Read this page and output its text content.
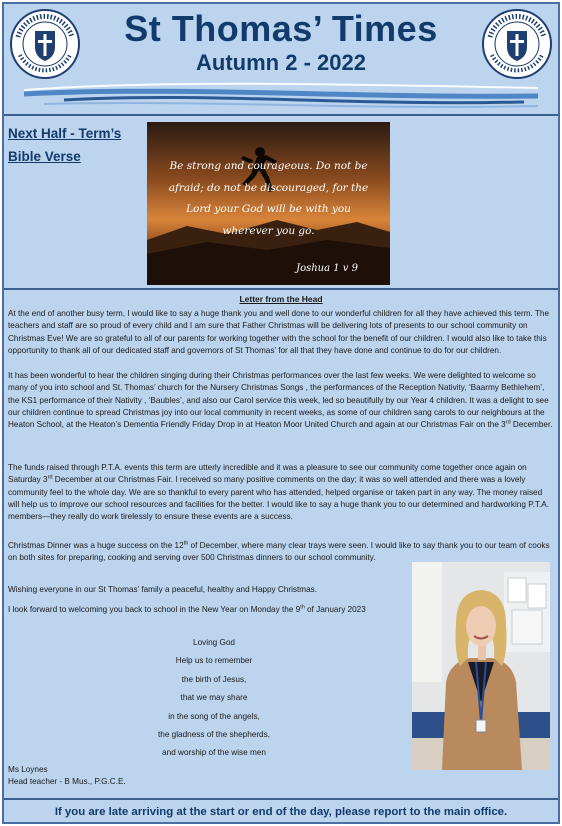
St Thomas’ Times
Autumn 2 - 2022
Next Half - Term’s
Bible Verse
Be strong and courageous. Do not be
afraid; do not be discouraged, for the
Lord your God will be with you
wherever you go.
Joshua 1 v 9
Letter from the Head

At the end of another busy term, I would like to say a huge thank you and well done to our wonderful children for all they have achieved this term. The teachers and staff are so proud of every child and I am sure that Father Christmas will be delivering lots of presents to our school community on Christmas Eve! We are so grateful to all of our parents for working together with the school for the benefit of our children. I would also like to take this opportunity to thank all of our dedicated staff and governors of St Thomas’ for all that they have done and continue to do for our children.

It has been wonderful to hear the children singing during their Christmas performances over the last few weeks. We were delighted to welcome so many of you into school and St. Thomas’ church for the Nursery Christmas Songs , the performances of the Reception Nativity, ‘Baarmy Bethlehem’, the KS1 performance of their Nativity , ‘Baubles’, and also our Carol service this week, led so beautifully by our Year 4 children. It was a delight to see our children continue to spread Christmas joy into our local community in recent weeks, as some of our children sang carols to our neighbours at the Heaton School, at the Heaton’s Dementia Friendly Friday Drop in at Heaton Moor United Church and again at our Christmas Fair on the 3rd December.

The funds raised through P.T.A. events this term are utterly incredible and it was a pleasure to see our community come together once again on Saturday 3rd December at our Christmas Fair. I received so many positive comments on the day; it was so well attended and there was a lovely community feel to the whole day. We are so thankful to every parent who has attended, helped organise or taken part in any way. The money raised will help us to improve our school resources and facilities for the better. I would like to say a huge thank you to our determined and hardworking P.T.A. members—they really do work tirelessly to ensure these events are a success.

Christmas Dinner was a huge success on the 12th of December, where many clear trays were seen. I would like to say thank you to our team of cooks on both sites for preparing, cooking and serving over 500 Christmas dinners to our school community.

Wishing everyone in our St Thomas’ family a peaceful, healthy and Happy Christmas.

I look forward to welcoming you back to school in the New Year on Monday the 9th of January 2023

Loving God
Help us to remember
the birth of Jesus,
that we may share
in the song of the angels,
the gladness of the shepherds,
and worship of the wise men
Ms Loynes
Head teacher - B Mus., P.G.C.E.
If you are late arriving at the start or end of the day, please report to the main office.
